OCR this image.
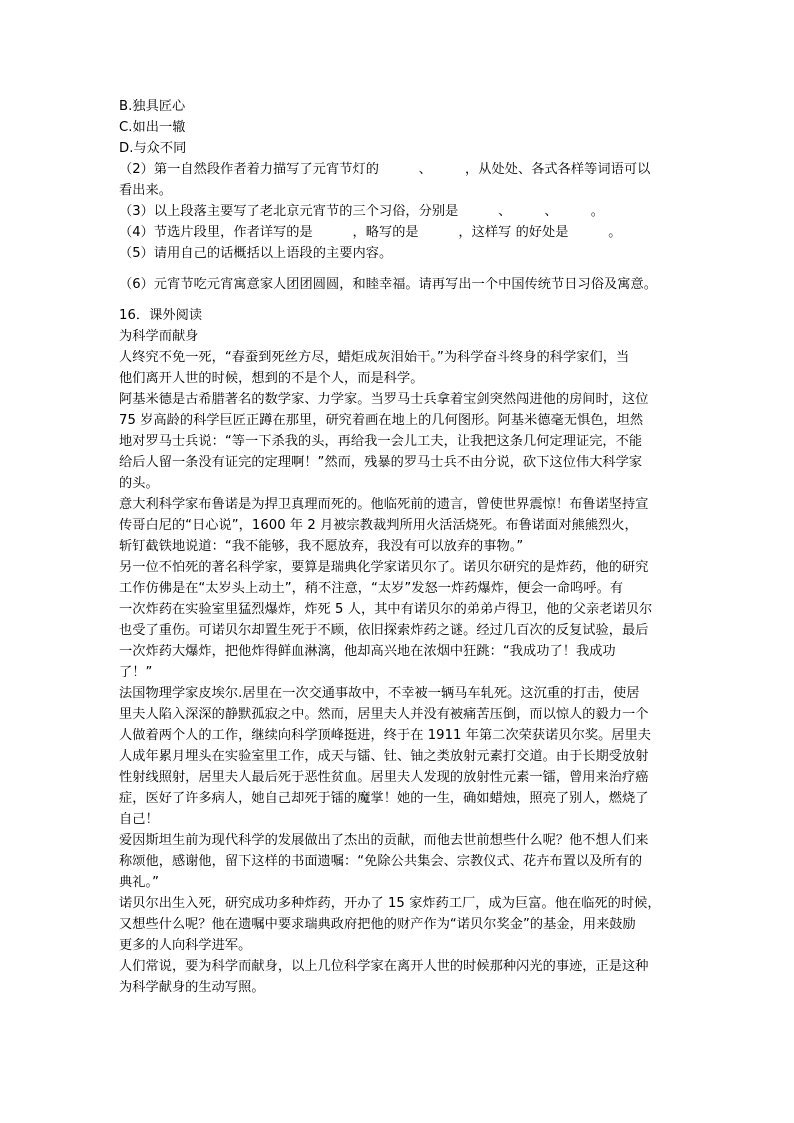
B.独具匠心
C.如出一辙
D.与众不同
（2）第一自然段作者着力描写了元宵节灯的　　　、　　　，从处处、各式各样等词语可以
看出来。
（3）以上段落主要写了老北京元宵节的三个习俗，分别是　　　、　　　、　　　。
（4）节选片段里，作者详写的是　　　，略写的是　　　，这样写 的好处是　　　。
（5）请用自己的话概括以上语段的主要内容。
（6）元宵节吃元宵寓意家人团团圆圆，和睦幸福。请再写出一个中国传统节日习俗及寓意。
16．课外阅读
为科学而献身
人终究不免一死，“春蚕到死丝方尽，蜡炬成灰泪始干。”为科学奋斗终身的科学家们，当
他们离开人世的时候，想到的不是个人，而是科学。
阿基米德是古希腊著名的数学家、力学家。当罗马士兵拿着宝剑突然闯进他的房间时，这位
75 岁高龄的科学巨匠正蹲在那里，研究着画在地上的几何图形。阿基米德毫无惧色，坦然
地对罗马士兵说：“等一下杀我的头，再给我一会儿工夫，让我把这条几何定理证完，不能
给后人留一条没有证完的定理啊！”然而，残暴的罗马士兵不由分说，砍下这位伟大科学家
的头。
意大利科学家布鲁诺是为捍卫真理而死的。他临死前的遗言，曾使世界震惊！布鲁诺坚持宣
传哥白尼的“日心说”，1600 年 2 月被宗教裁判所用火活活烧死。布鲁诺面对熊熊烈火，
斩钉截铁地说道：“我不能够，我不愿放弃，我没有可以放弃的事物。”
另一位不怕死的著名科学家，要算是瑞典化学家诺贝尔了。诺贝尔研究的是炸药，他的研究
工作仿佛是在“太岁头上动土”，稍不注意，“太岁”发怒一炸药爆炸，便会一命呜呼。有
一次炸药在实验室里猛烈爆炸，炸死 5 人，其中有诺贝尔的弟弟卢得卫，他的父亲老诺贝尔
也受了重伤。可诺贝尔却置生死于不顾，依旧探索炸药之谜。经过几百次的反复试验，最后
一次炸药大爆炸，把他炸得鲜血淋漓，他却高兴地在浓烟中狂跳：“我成功了！我成功
了！”
法国物理学家皮埃尔.居里在一次交通事故中，不幸被一辆马车轧死。这沉重的打击，使居
里夫人陷入深深的静默孤寂之中。然而，居里夫人并没有被痛苦压倒，而以惊人的毅力一个
人做着两个人的工作，继续向科学顶峰挺进，终于在 1911 年第二次荣获诺贝尔奖。居里夫
人成年累月埋头在实验室里工作，成天与镭、钍、铀之类放射元素打交道。由于长期受放射
性射线照射，居里夫人最后死于恶性贫血。居里夫人发现的放射性元素一镭，曾用来治疗癌
症，医好了许多病人，她自己却死于镭的魔掌！她的一生，确如蜡烛，照亮了别人，燃烧了
自己！
爱因斯坦生前为现代科学的发展做出了杰出的贡献，而他去世前想些什么呢？他不想人们来
称颂他，感谢他，留下这样的书面遗嘱：“免除公共集会、宗教仪式、花卉布置以及所有的
典礼。”
诺贝尔出生入死，研究成功多种炸药，开办了 15 家炸药工厂，成为巨富。他在临死的时候，
又想些什么呢？他在遗嘱中要求瑞典政府把他的财产作为“诺贝尔奖金”的基金，用来鼓励
更多的人向科学进军。
人们常说，要为科学而献身，以上几位科学家在离开人世的时候那种闪光的事迹，正是这种
为科学献身的生动写照。
